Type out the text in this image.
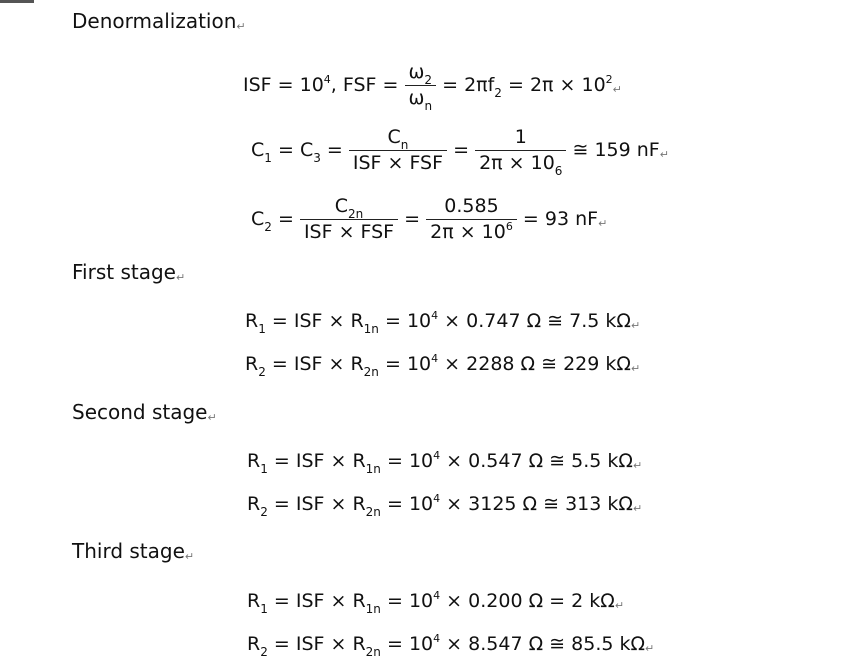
Denormalization↵
ISF = $10^4$, FSF = $\frac{\omega_2}{\omega_n} = 2\pi f_2 = 2\pi$ × $10^2↵$
$C_1 = C_3 = \frac{C_n}{\text{ISF × FSF}} = \frac{1}{2\pi \times 10_6}$ ≅ 159 nF↵
$C_2 = \frac{C_{2n}}{\text{ISF × FSF}} = \frac{0.585}{2\pi \times 10^6} = 93$ nF↵
First stage↵
$R_1$ = ISF × $R_{1n} = 10^4 \times 0.747$ Ω ≅ 7.5 kΩ↵
$R_2$ = ISF × $R_{2n} = 10^4 \times 2288$ Ω ≅ 229 kΩ↵
Second stage↵
$R_1$ = ISF × $R_{1n} = 10^4 \times 0.547$ Ω ≅ 5.5 kΩ↵
$R_2$ = ISF × $R_{2n} = 10^4 \times 3125$ Ω ≅ 313 kΩ↵
Third stage↵
$R_1$ = ISF × $R_{1n} = 10^4 \times 0.200$ Ω = 2 kΩ↵
$R_2$ = ISF × $R_{2n} = 10^4 \times 8.547$ Ω ≅ 85.5 kΩ↵
